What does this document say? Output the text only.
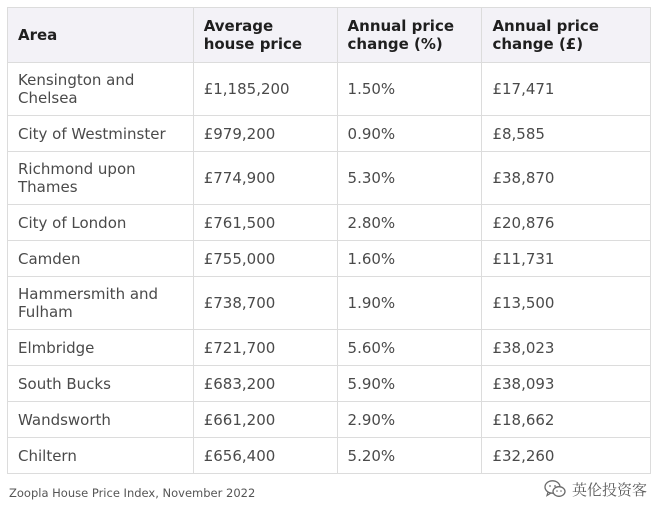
Area	Average house price	Annual price change (%)	Annual price change (£)
Kensington and Chelsea	£1,185,200	1.50%	£17,471
City of Westminster	£979,200	0.90%	£8,585
Richmond upon Thames	£774,900	5.30%	£38,870
City of London	£761,500	2.80%	£20,876
Camden	£755,000	1.60%	£11,731
Hammersmith and Fulham	£738,700	1.90%	£13,500
Elmbridge	£721,700	5.60%	£38,023
South Bucks	£683,200	5.90%	£38,093
Wandsworth	£661,200	2.90%	£18,662
Chiltern	£656,400	5.20%	£32,260
Zoopla House Price Index, November 2022	英伦投资客
